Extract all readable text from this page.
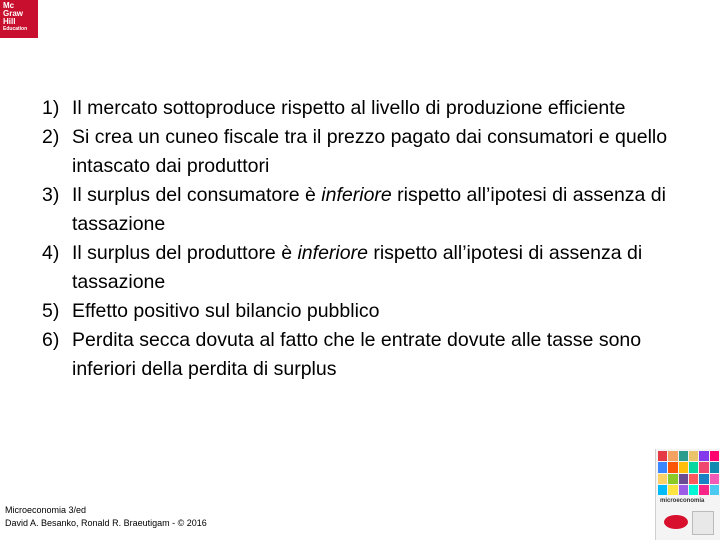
Mc
Graw
Hill
Education
1) Il mercato sottoproduce rispetto al livello di produzione efficiente
2) Si crea un cuneo fiscale tra il prezzo pagato dai consumatori e quello intascato dai produttori
3) Il surplus del consumatore è inferiore rispetto all’ipotesi di assenza di tassazione
4) Il surplus del produttore è inferiore rispetto all’ipotesi di assenza di tassazione
5) Effetto positivo sul bilancio pubblico
6) Perdita secca dovuta al fatto che le entrate dovute alle tasse sono inferiori della perdita di surplus
Microeconomia 3/ed
David A. Besanko, Ronald R. Braeutigam - © 2016
microeconomia
